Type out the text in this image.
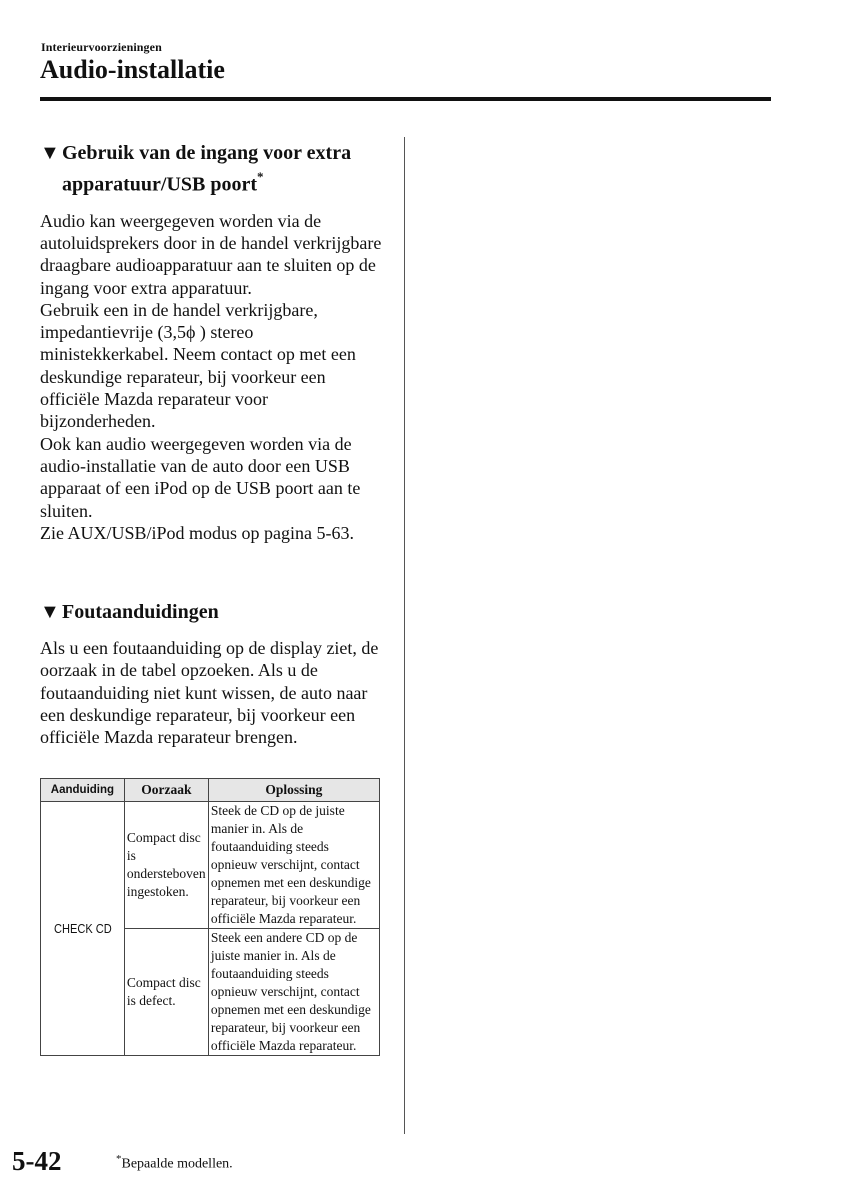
Interieurvoorzieningen
Audio-installatie
▼ Gebruik van de ingang voor extra
apparatuur/USB poort*

Audio kan weergegeven worden via de autoluidsprekers door in de handel verkrijgbare draagbare audioapparatuur aan te sluiten op de ingang voor extra apparatuur.

Gebruik een in de handel verkrijgbare, impedantievrije (3,5ϕ ) stereo ministekkerkabel. Neem contact op met een deskundige reparateur, bij voorkeur een officiële Mazda reparateur voor bijzonderheden.

Ook kan audio weergegeven worden via de audio-installatie van de auto door een USB apparaat of een iPod op de USB poort aan te sluiten.

Zie AUX/USB/iPod modus op pagina 5-63.

▼ Foutaanduidingen

Als u een foutaanduiding op de display ziet, de oorzaak in de tabel opzoeken. Als u de foutaanduiding niet kunt wissen, de auto naar een deskundige reparateur, bij voorkeur een officiële Mazda reparateur brengen.

Aanduiding	Oorzaak	Oplossing
CHECK CD	Compact disc is ondersteboven ingestoken.	Steek de CD op de juiste manier in. Als de foutaanduiding steeds opnieuw verschijnt, contact opnemen met een deskundige reparateur, bij voorkeur een officiële Mazda reparateur.
	Compact disc is defect.	Steek een andere CD op de juiste manier in. Als de foutaanduiding steeds opnieuw verschijnt, contact opnemen met een deskundige reparateur, bij voorkeur een officiële Mazda reparateur.
5-42	*Bepaalde modellen.
